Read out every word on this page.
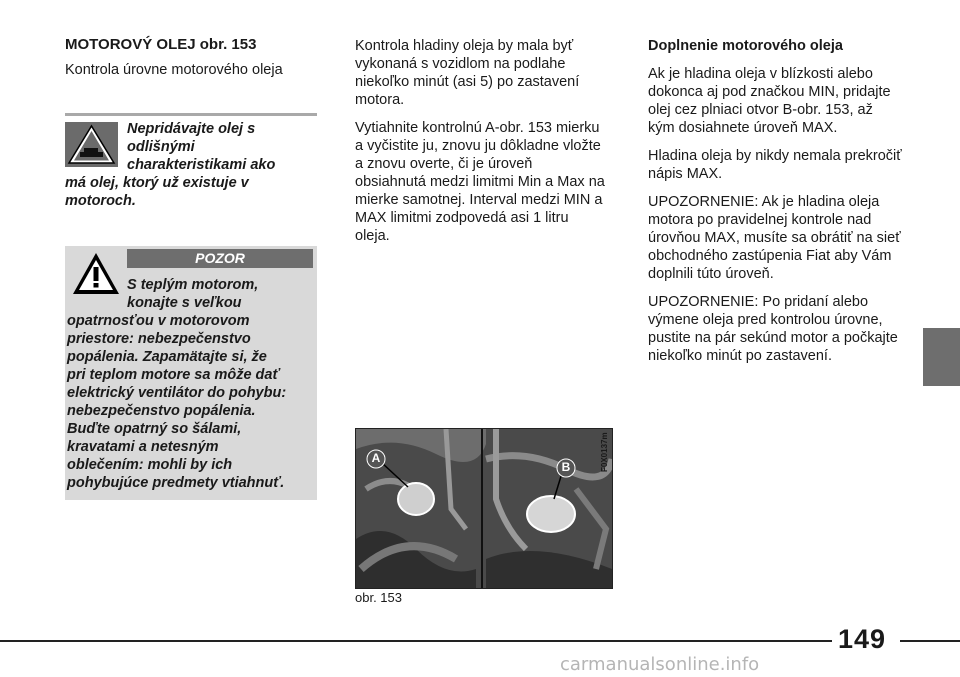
MOTOROVÝ OLEJ obr. 153
Kontrola úrovne motorového oleja
Nepridávajte olej s
odlišnými
charakteristikami ako
má olej, ktorý už existuje v
motoroch.
POZOR
S teplým motorom,
konajte s veľkou
opatrnosťou v motorovom
priestore: nebezpečenstvo
popálenia. Zapamätajte si, že
pri teplom motore sa môže dať
elektrický ventilátor do pohybu:
nebezpečenstvo popálenia.
Buďte opatrný so šálami,
kravatami a netesným
oblečením: mohli by ich
pohybujúce predmety vtiahnuť.

Kontrola hladiny oleja by mala byť vykonaná s vozidlom na podlahe niekoľko minút (asi 5) po zastavení motora.

Vytiahnite kontrolnú A-obr. 153 mierku a vyčistite ju, znovu ju dôkladne vložte a znovu overte, či je úroveň obsiahnutá medzi limitmi Min a Max na mierke samotnej. Interval medzi MIN a MAX limitmi zodpovedá asi 1 litru oleja.

A
B	F0X0137m
obr. 153

Doplnenie motorového oleja

Ak je hladina oleja v blízkosti alebo dokonca aj pod značkou MIN, pridajte olej cez plniaci otvor B-obr. 153, až kým dosiahnete úroveň MAX.

Hladina oleja by nikdy nemala prekročiť nápis MAX.

UPOZORNENIE: Ak je hladina oleja motora po pravidelnej kontrole nad úrovňou MAX, musíte sa obrátiť na sieť obchodného zastúpenia Fiat aby Vám doplnili túto úroveň.

UPOZORNENIE: Po pridaní alebo výmene oleja pred kontrolou úrovne, pustite na pár sekúnd motor a počkajte niekoľko minút po zastavení.

149
carmanualsonline.info
